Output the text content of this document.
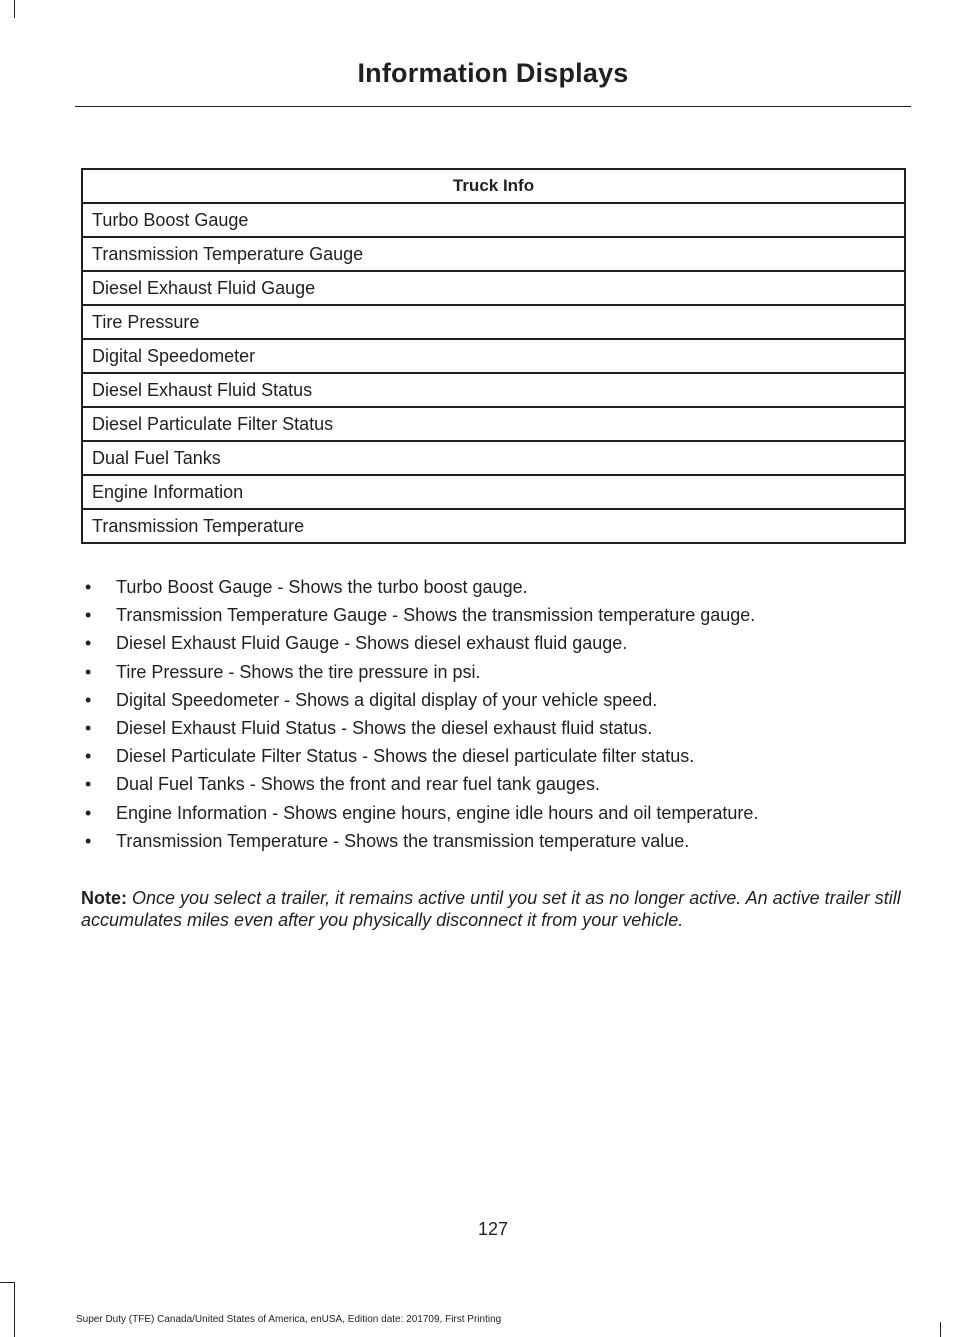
Information Displays
Truck Info
Turbo Boost Gauge
Transmission Temperature Gauge
Diesel Exhaust Fluid Gauge
Tire Pressure
Digital Speedometer
Diesel Exhaust Fluid Status
Diesel Particulate Filter Status
Dual Fuel Tanks
Engine Information
Transmission Temperature
• Turbo Boost Gauge - Shows the turbo boost gauge.
• Transmission Temperature Gauge - Shows the transmission temperature gauge.
• Diesel Exhaust Fluid Gauge - Shows diesel exhaust fluid gauge.
• Tire Pressure - Shows the tire pressure in psi.
• Digital Speedometer - Shows a digital display of your vehicle speed.
• Diesel Exhaust Fluid Status - Shows the diesel exhaust fluid status.
• Diesel Particulate Filter Status - Shows the diesel particulate filter status.
• Dual Fuel Tanks - Shows the front and rear fuel tank gauges.
• Engine Information - Shows engine hours, engine idle hours and oil temperature.
• Transmission Temperature - Shows the transmission temperature value.

Note: Once you select a trailer, it remains active until you set it as no longer active. An active trailer still accumulates miles even after you physically disconnect it from your vehicle.

127
Super Duty (TFE) Canada/United States of America, enUSA, Edition date: 201709, First Printing
